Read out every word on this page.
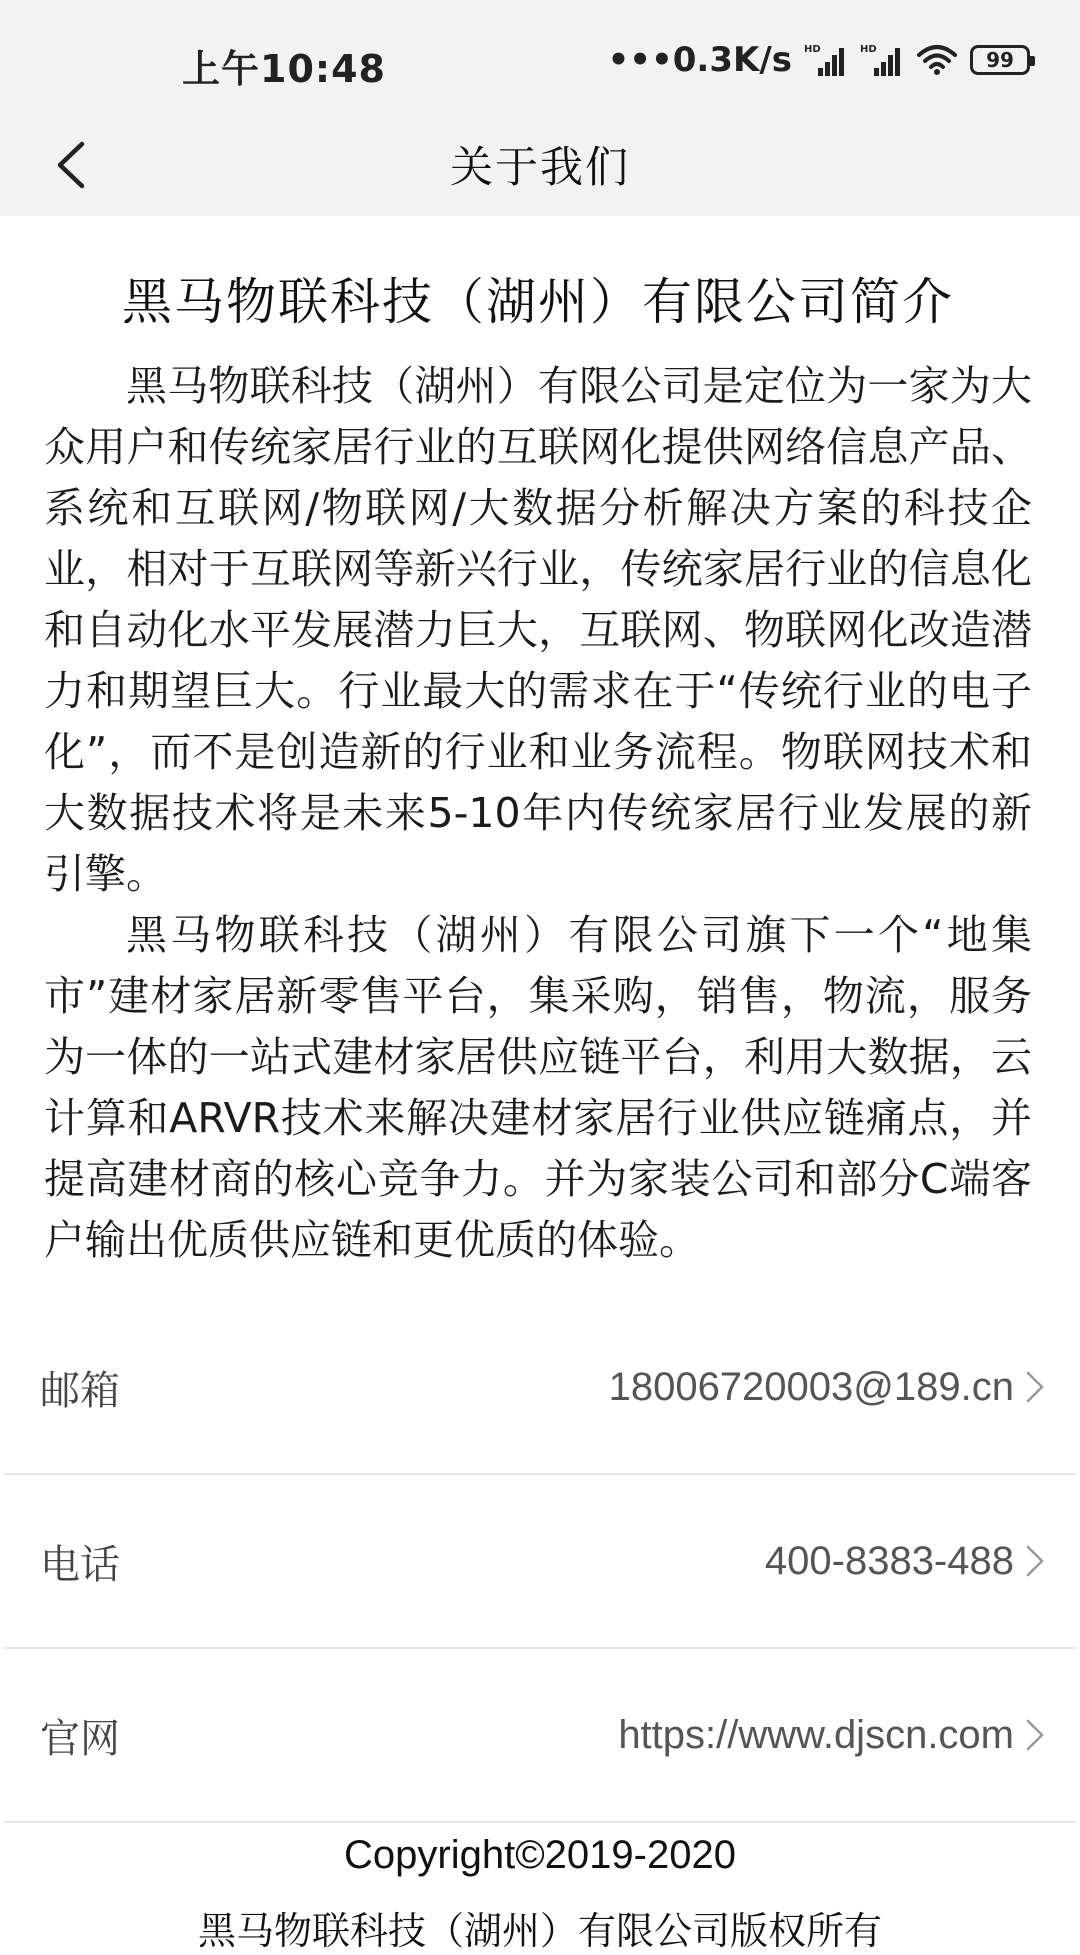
上午10:48	•••0.3K/s HD	HD	99
关于我们
黑马物联科技（湖州）有限公司简介

黑马物联科技（湖州）有限公司是定位为一家为大众用户和传统家居行业的互联网化提供网络信息产品、系统和互联网/物联网/大数据分析解决方案的科技企业，相对于互联网等新兴行业，传统家居行业的信息化和自动化水平发展潜力巨大，互联网、物联网化改造潜力和期望巨大。行业最大的需求在于“传统行业的电子化”，而不是创造新的行业和业务流程。物联网技术和大数据技术将是未来5-10年内传统家居行业发展的新引擎。

黑马物联科技（湖州）有限公司旗下一个“地集市”建材家居新零售平台，集采购，销售，物流，服务为一体的一站式建材家居供应链平台，利用大数据，云计算和ARVR技术来解决建材家居行业供应链痛点，并提高建材商的核心竞争力。并为家装公司和部分C端客户输出优质供应链和更优质的体验。

邮箱	18006720003@189.cn
电话	400-8383-488
官网	https://www.djscn.com
Copyright©2019-2020
黑马物联科技（湖州）有限公司版权所有
